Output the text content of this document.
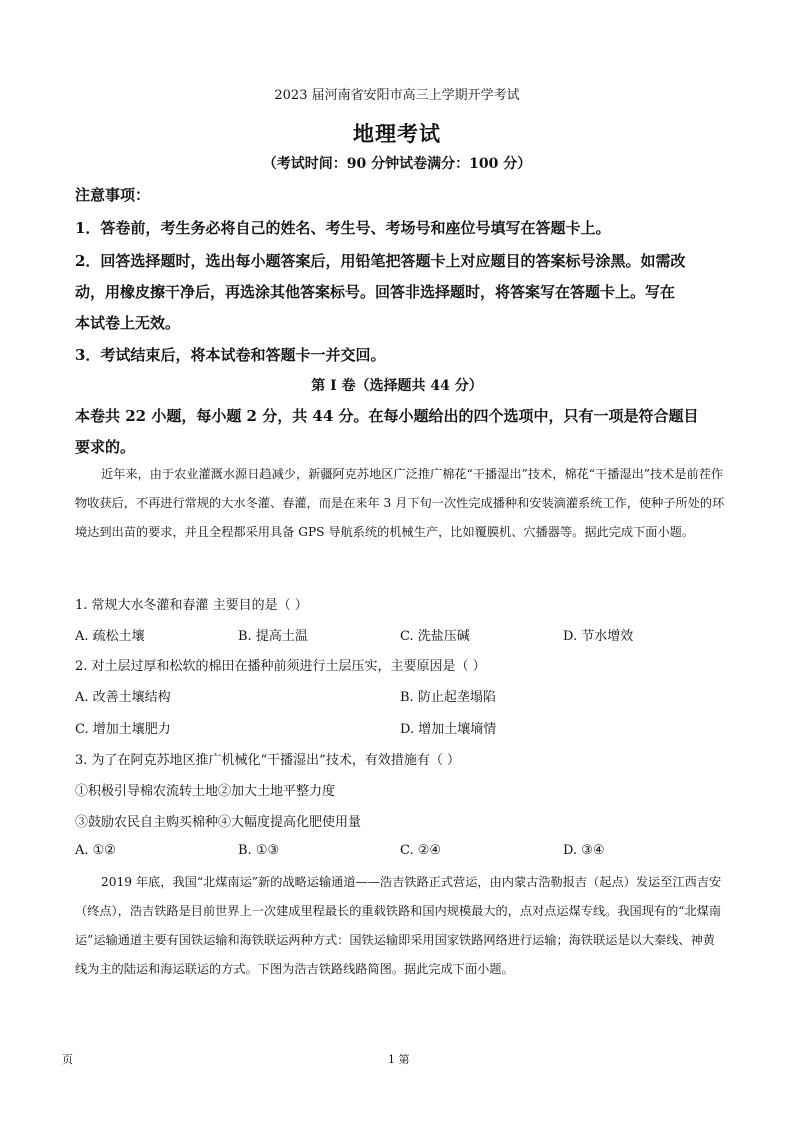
2023 届河南省安阳市高三上学期开学考试
地理考试
（考试时间：90 分钟试卷满分：100 分）
注意事项：
1．答卷前，考生务必将自己的姓名、考生号、考场号和座位号填写在答题卡上。
2．回答选择题时，选出每小题答案后，用铅笔把答题卡上对应题目的答案标号涂黑。如需改
动，用橡皮擦干净后，再选涂其他答案标号。回答非选择题时，将答案写在答题卡上。写在
本试卷上无效。
3．考试结束后，将本试卷和答题卡一并交回。
第 I 卷（选择题共 44 分）
本卷共 22 小题，每小题 2 分，共 44 分。在每小题给出的四个选项中，只有一项是符合题目
要求的。

近年来，由于农业灌溉水源日趋减少，新疆阿克苏地区广泛推广棉花“干播湿出”技术，棉花“干播湿出”技术是前茬作物收获后，不再进行常规的大水冬灌、春灌，而是在来年 3 月下旬一次性完成播种和安装滴灌系统工作，使种子所处的环境达到出苗的要求，并且全程都采用具备 GPS 导航系统的机械生产，比如覆膜机、穴播器等。据此完成下面小题。

1. 常规大水冬灌和春灌 主要目的是（ ）
A. 疏松土壤	B. 提高土温	C. 洗盐压碱	D. 节水增效
2. 对土层过厚和松软的棉田在播种前须进行土层压实，主要原因是（ ）
A. 改善土壤结构	B. 防止起垄塌陷
C. 增加土壤肥力	D. 增加土壤墒情
3. 为了在阿克苏地区推广机械化“干播湿出”技术，有效措施有（ ）
①积极引导棉农流转土地②加大土地平整力度
③鼓励农民自主购买棉种④大幅度提高化肥使用量
A. ①②	B. ①③	C. ②④	D. ③④

2019 年底，我国“北煤南运”新的战略运输通道——浩吉铁路正式营运，由内蒙古浩勒报吉（起点）发运至江西吉安（终点），浩吉铁路是目前世界上一次建成里程最长的重载铁路和国内规模最大的，点对点运煤专线。我国现有的“北煤南运”运输通道主要有国铁运输和海铁联运两种方式：国铁运输即采用国家铁路网络进行运输；海铁联运是以大秦线、神黄线为主的陆运和海运联运的方式。下图为浩吉铁路线路简图。据此完成下面小题。

页	1 第
